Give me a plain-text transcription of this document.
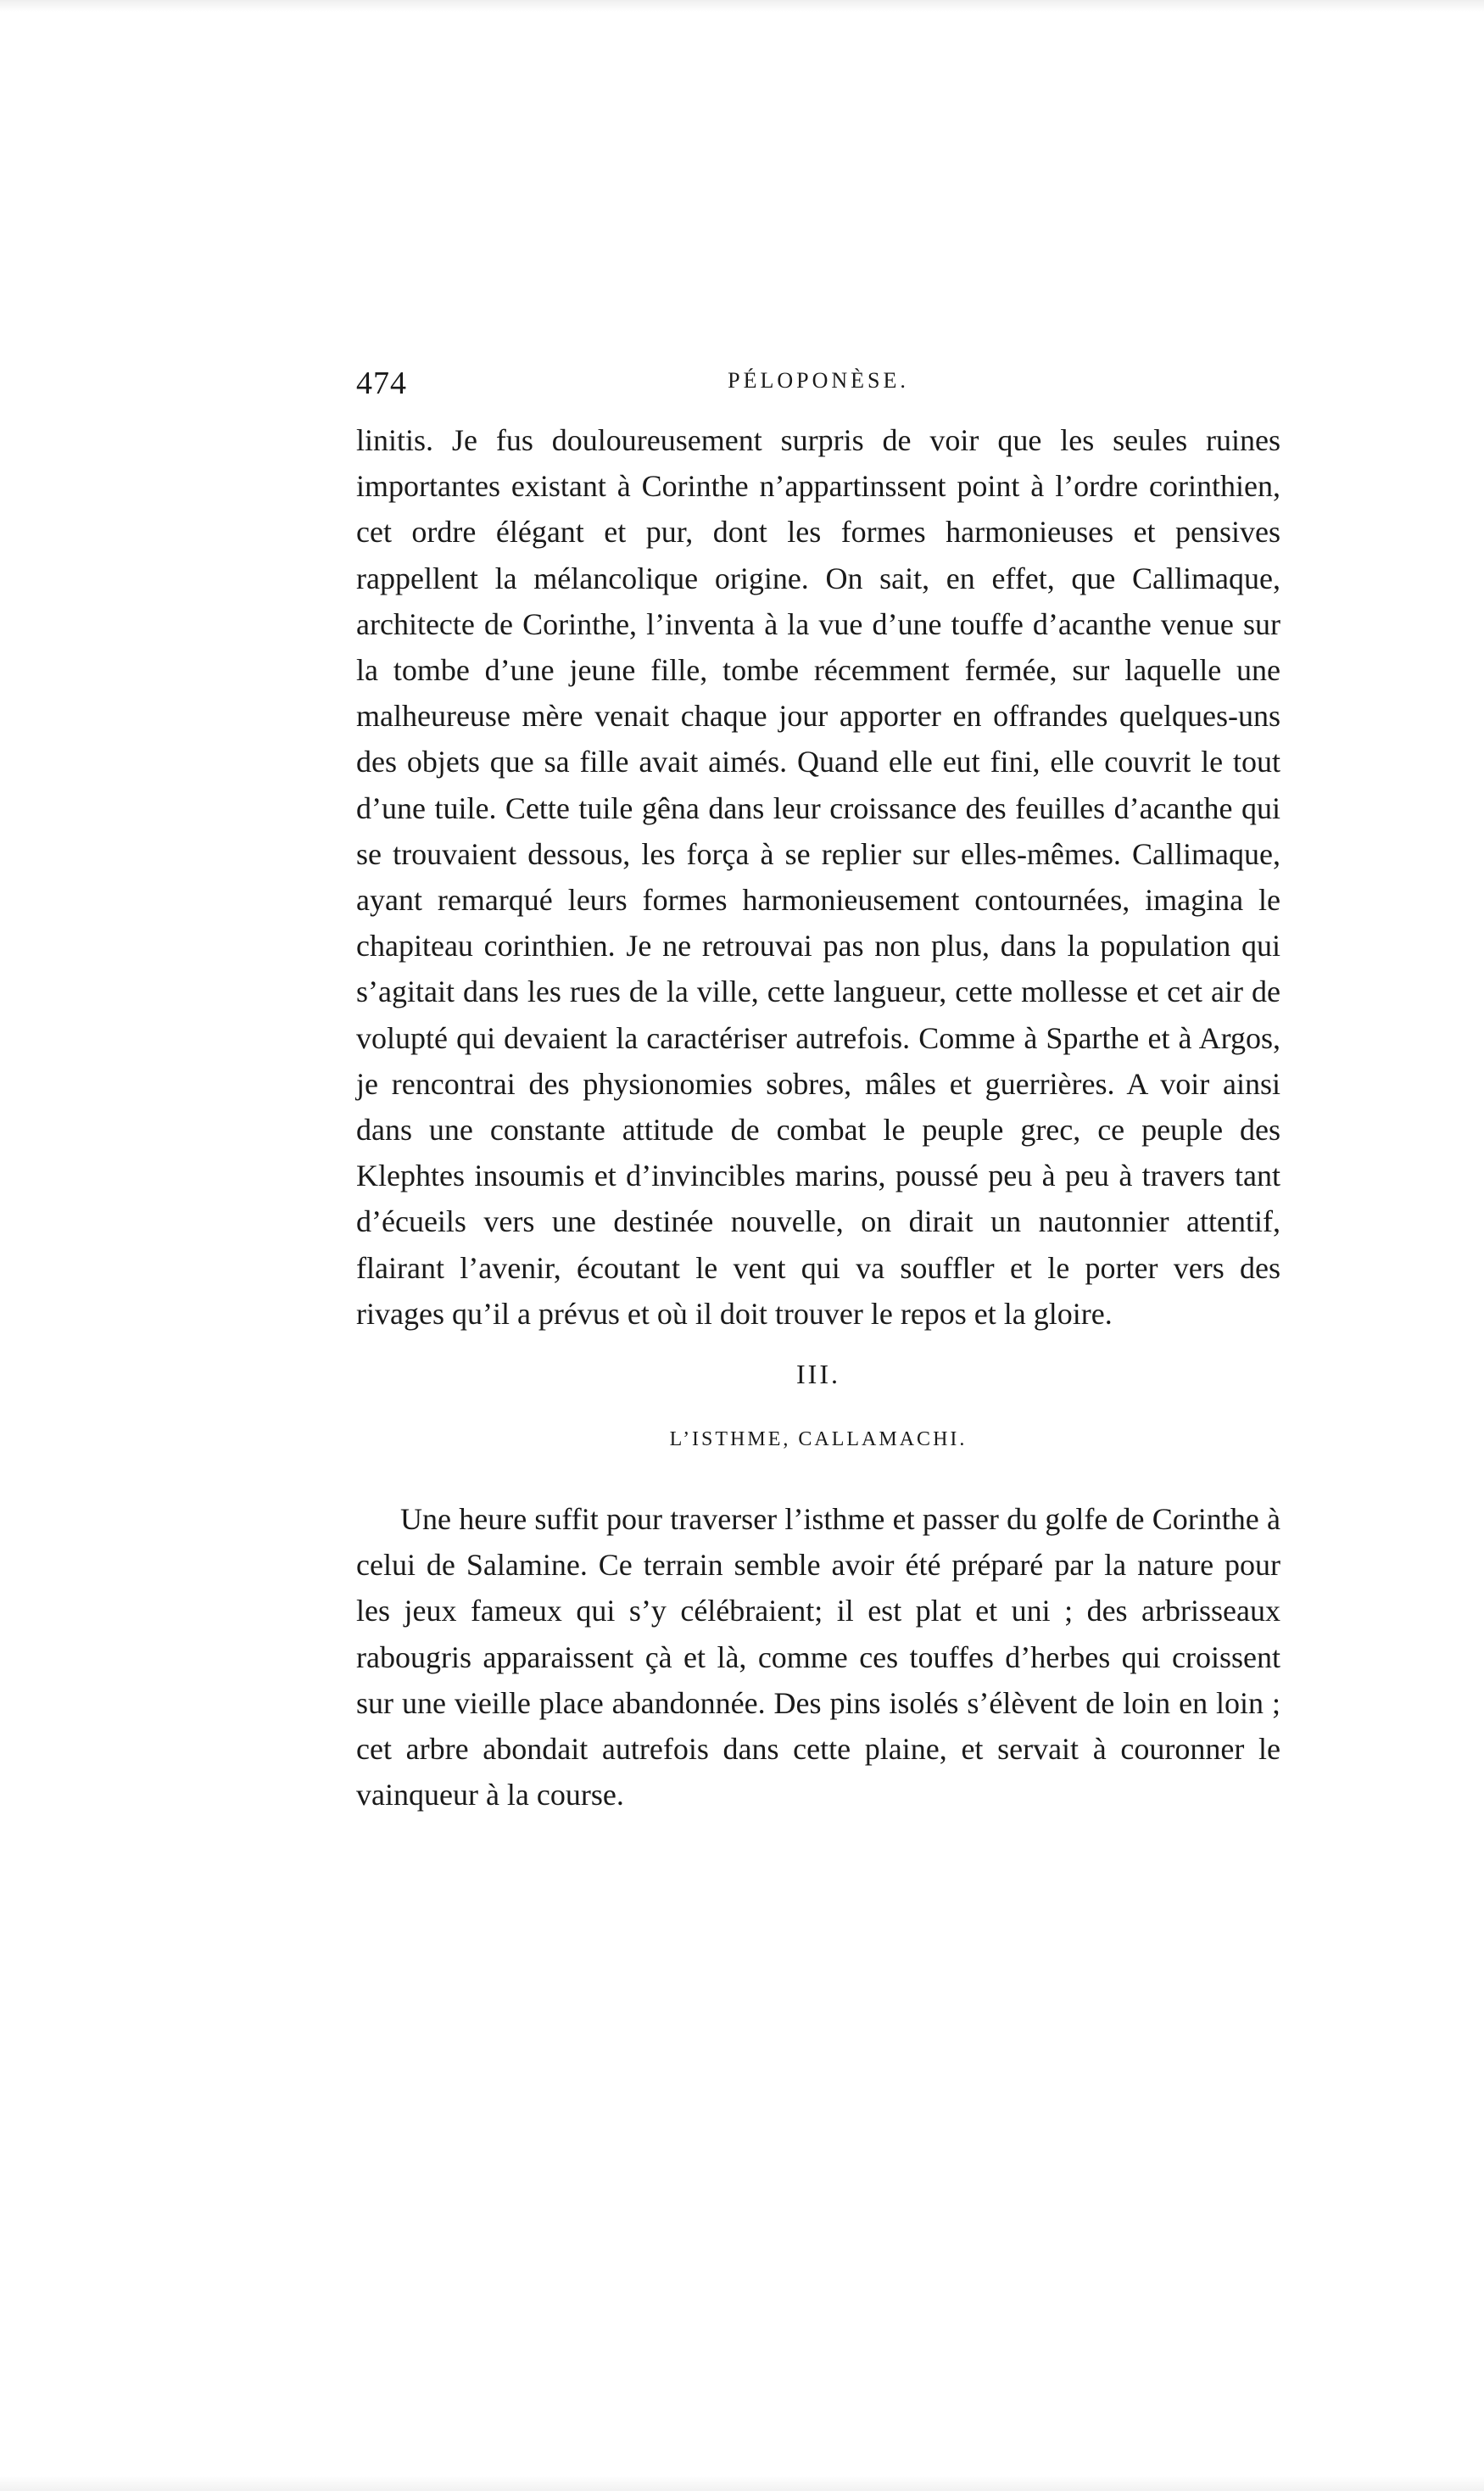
474	PÉLOPONÈSE.

linitis. Je fus douloureusement surpris de voir que les seules ruines importantes existant à Corinthe n’appartinssent point à l’ordre corinthien, cet ordre élégant et pur, dont les formes harmonieuses et pensives rappellent la mélancolique origine. On sait, en effet, que Callimaque, architecte de Corinthe, l’inventa à la vue d’une touffe d’acanthe venue sur la tombe d’une jeune fille, tombe récemment fermée, sur laquelle une malheureuse mère venait chaque jour apporter en offrandes quelques-uns des objets que sa fille avait aimés. Quand elle eut fini, elle couvrit le tout d’une tuile. Cette tuile gêna dans leur croissance des feuilles d’acanthe qui se trouvaient dessous, les força à se replier sur elles-mêmes. Callimaque, ayant remarqué leurs formes harmonieusement contournées, imagina le chapiteau corinthien. Je ne retrouvai pas non plus, dans la population qui s’agitait dans les rues de la ville, cette langueur, cette mollesse et cet air de volupté qui devaient la caractériser autrefois. Comme à Sparthe et à Argos, je rencontrai des physionomies sobres, mâles et guerrières. A voir ainsi dans une constante attitude de combat le peuple grec, ce peuple des Klephtes insoumis et d’invincibles marins, poussé peu à peu à travers tant d’écueils vers une destinée nouvelle, on dirait un nautonnier attentif, flairant l’avenir, écoutant le vent qui va souffler et le porter vers des rivages qu’il a prévus et où il doit trouver le repos et la gloire.

III.
L’ISTHME, CALLAMACHI.

Une heure suffit pour traverser l’isthme et passer du golfe de Corinthe à celui de Salamine. Ce terrain semble avoir été préparé par la nature pour les jeux fameux qui s’y célébraient; il est plat et uni ; des arbrisseaux rabougris apparaissent çà et là, comme ces touffes d’herbes qui croissent sur une vieille place abandonnée. Des pins isolés s’élèvent de loin en loin ; cet arbre abondait autrefois dans cette plaine, et servait à couronner le vainqueur à la course.
